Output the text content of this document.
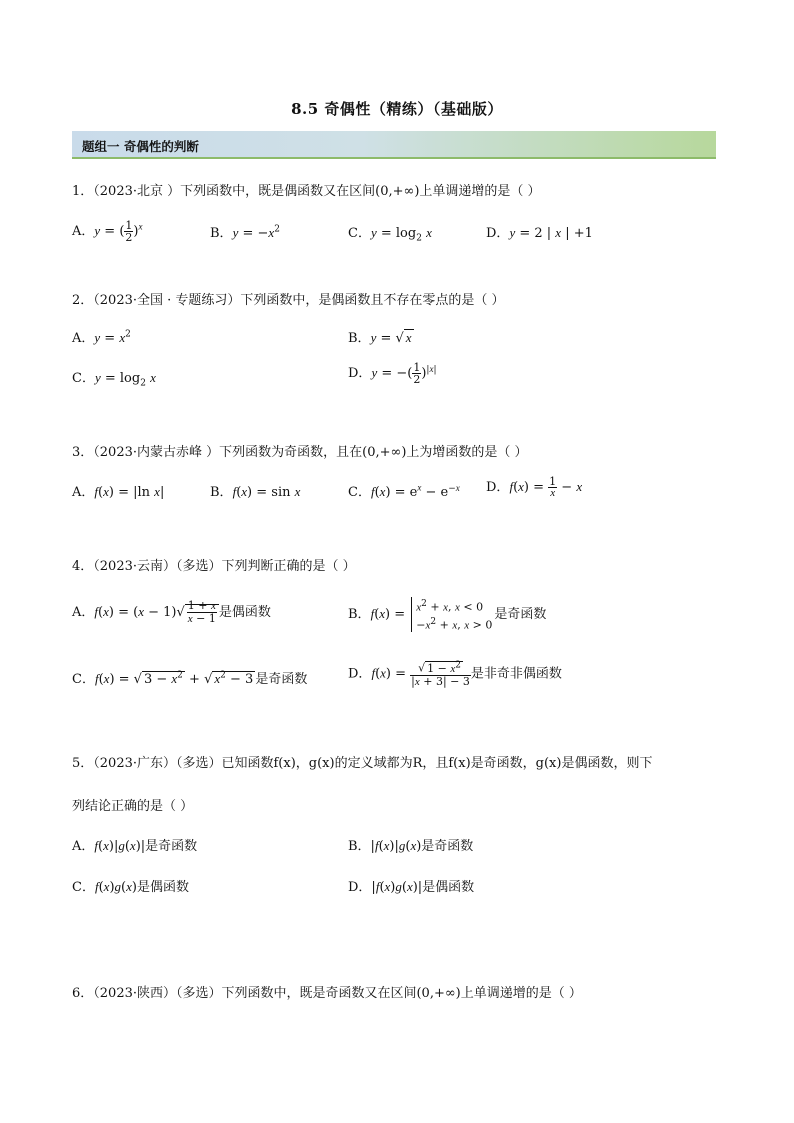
8.5 奇偶性（精练）（基础版）
题组一 奇偶性的判断
1．（2023·北京 ）下列函数中，既是偶函数又在区间(0,+∞)上单调递增的是（ ）
A．y = ( $\frac{1}{2} )^x$	B．$y = -x^2$	C．$y = \log_2 x$	D．y = 2 | x | +1
2．（2023·全国 · 专题练习）下列函数中，是偶函数且不存在零点的是（ ）
A．$y = x^2$	B．y = √ x
C．$y = \log_2 x$	D．y = −( $\frac{1}{2} )^{|x|}$
3．（2023·内蒙古赤峰 ）下列函数为奇函数，且在(0,+∞)上为增函数的是（ ）
A．f(x) = |ln x|	B．f(x) = sin x	C．$f(x) = e^x - e^{-x}$ D．$f(x) = \frac{1}{x} - x$
4．（2023·云南）（多选）下列判断正确的是（ ）
A．$f(x) = (x - 1)√ \frac{1 + x}{x - 1}$ 是偶函数	B．$f(x) = x^2 + x$, x < 0
$-x^2 + x$, x > 0是奇函数
C．f(x) = √ $3 - x^2$ + √ $x^2 - 3$ 是奇函数	D．$f(x) = \frac{√ 1 - x^2}{|x + 3| - 3}$ 是非奇非偶函数
5．（2023·广东）（多选）已知函数f(x)，g(x)的定义域都为R，且f(x)是奇函数，g(x)是偶函数，则下
列结论正确的是（ ）
A．f(x)|g(x)|是奇函数	B．|f(x)|g(x)是奇函数
C．f(x)g(x)是偶函数	D．|f(x)g(x)|是偶函数
6．（2023·陕西）（多选）下列函数中，既是奇函数又在区间(0,+∞)上单调递增的是（ ）
